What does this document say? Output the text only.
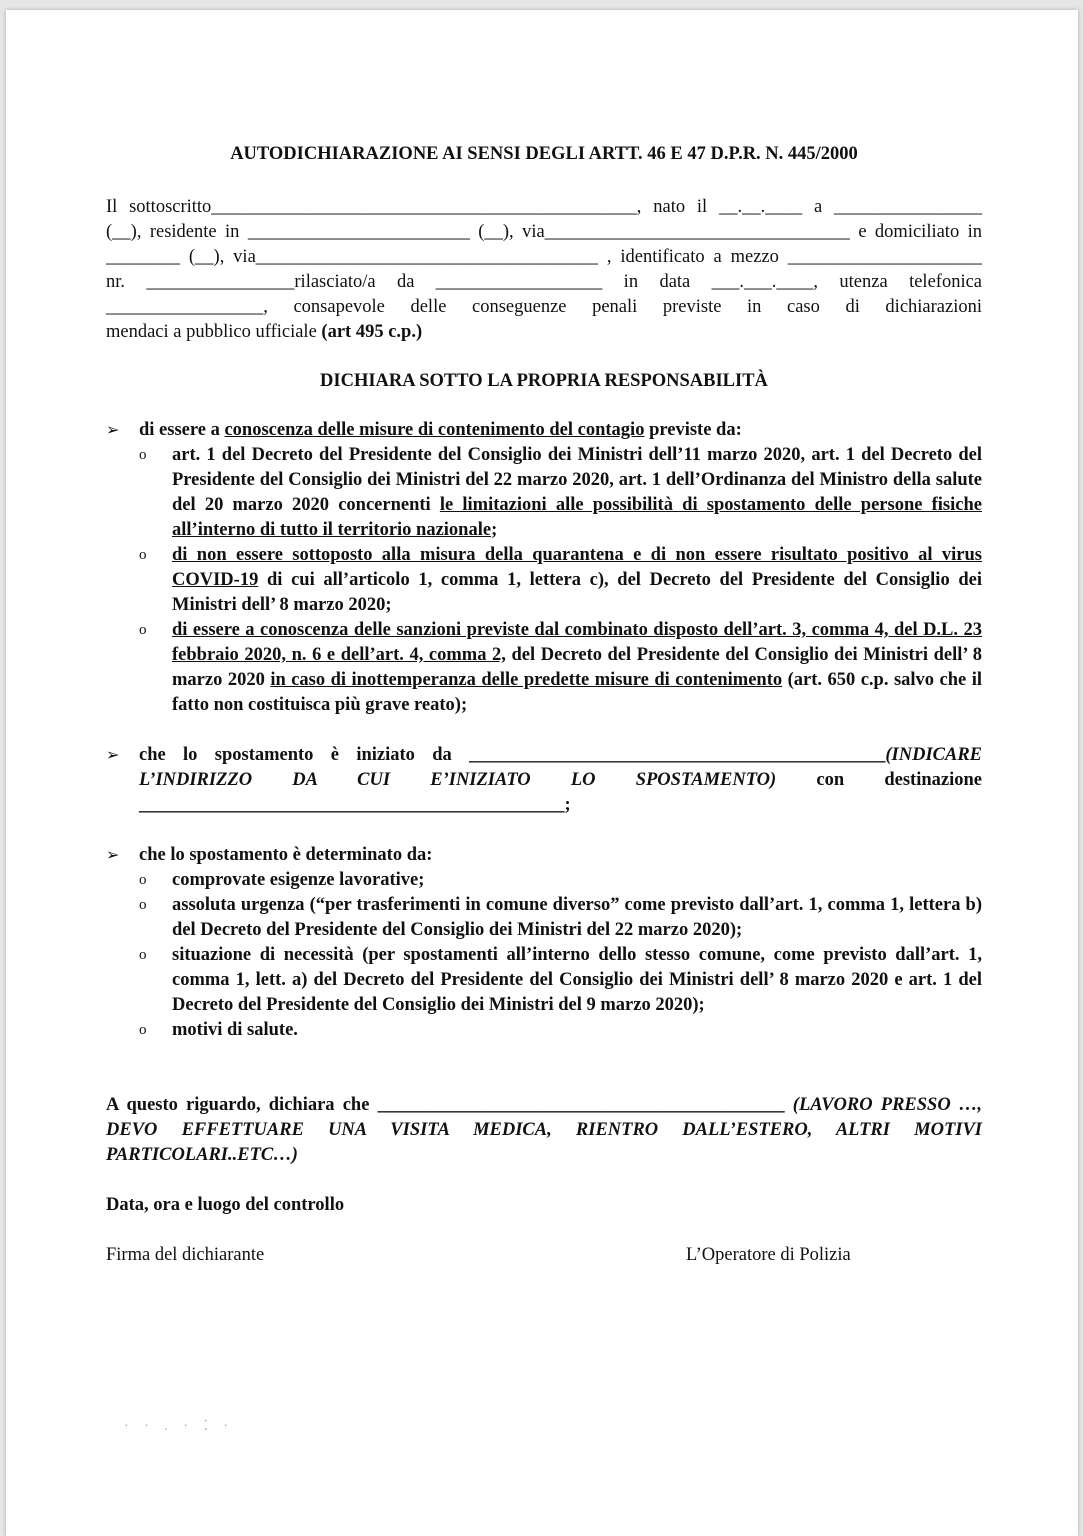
AUTODICHIARAZIONE AI SENSI DEGLI ARTT. 46 E 47 D.P.R. N. 445/2000

Il sottoscritto______________________________________________, nato il __.__.____ a ________________
(__), residente in ________________________ (__), via_________________________________ e domiciliato in
________ (__), via_____________________________________ , identificato a mezzo _____________________
nr. ________________rilasciato/a da __________________ in data ___.___.____, utenza telefonica
_________________, consapevole delle conseguenze penali previste in caso di dichiarazioni
mendaci a pubblico ufficiale (art 495 c.p.)

DICHIARA SOTTO LA PROPRIA RESPONSABILITÀ

➢ di essere a conoscenza delle misure di contenimento del contagio previste da:
o art. 1 del Decreto del Presidente del Consiglio dei Ministri dell’11 marzo 2020, art. 1 del Decreto del Presidente del Consiglio dei Ministri del 22 marzo 2020, art. 1 dell’Ordinanza del Ministro della salute del 20 marzo 2020 concernenti le limitazioni alle possibilità di spostamento delle persone fisiche all’interno di tutto il territorio nazionale;
o di non essere sottoposto alla misura della quarantena e di non essere risultato positivo al virus COVID-19 di cui all’articolo 1, comma 1, lettera c), del Decreto del Presidente del Consiglio dei Ministri dell’ 8 marzo 2020;
o di essere a conoscenza delle sanzioni previste dal combinato disposto dell’art. 3, comma 4, del D.L. 23 febbraio 2020, n. 6 e dell’art. 4, comma 2, del Decreto del Presidente del Consiglio dei Ministri dell’ 8 marzo 2020 in caso di inottemperanza delle predette misure di contenimento (art. 650 c.p. salvo che il fatto non costituisca più grave reato);
➢ che lo spostamento è iniziato da _____________________________________________(INDICARE L’INDIRIZZO DA CUI E’INIZIATO LO SPOSTAMENTO) con destinazione ______________________________________________;
➢ che lo spostamento è determinato da:
o comprovate esigenze lavorative;
o assoluta urgenza (“per trasferimenti in comune diverso” come previsto dall’art. 1, comma 1, lettera b) del Decreto del Presidente del Consiglio dei Ministri del 22 marzo 2020);
o situazione di necessità (per spostamenti all’interno dello stesso comune, come previsto dall’art. 1, comma 1, lett. a) del Decreto del Presidente del Consiglio dei Ministri dell’ 8 marzo 2020 e art. 1 del Decreto del Presidente del Consiglio dei Ministri del 9 marzo 2020);
o motivi di salute.
A questo riguardo, dichiara che ____________________________________________ (LAVORO PRESSO …, DEVO EFFETTUARE UNA VISITA MEDICA, RIENTRO DALL’ESTERO, ALTRI MOTIVI PARTICOLARI..ETC…)
Data, ora e luogo del controllo
Firma del dichiarante	L’Operatore di Polizia
· · . · ⁚ ·
